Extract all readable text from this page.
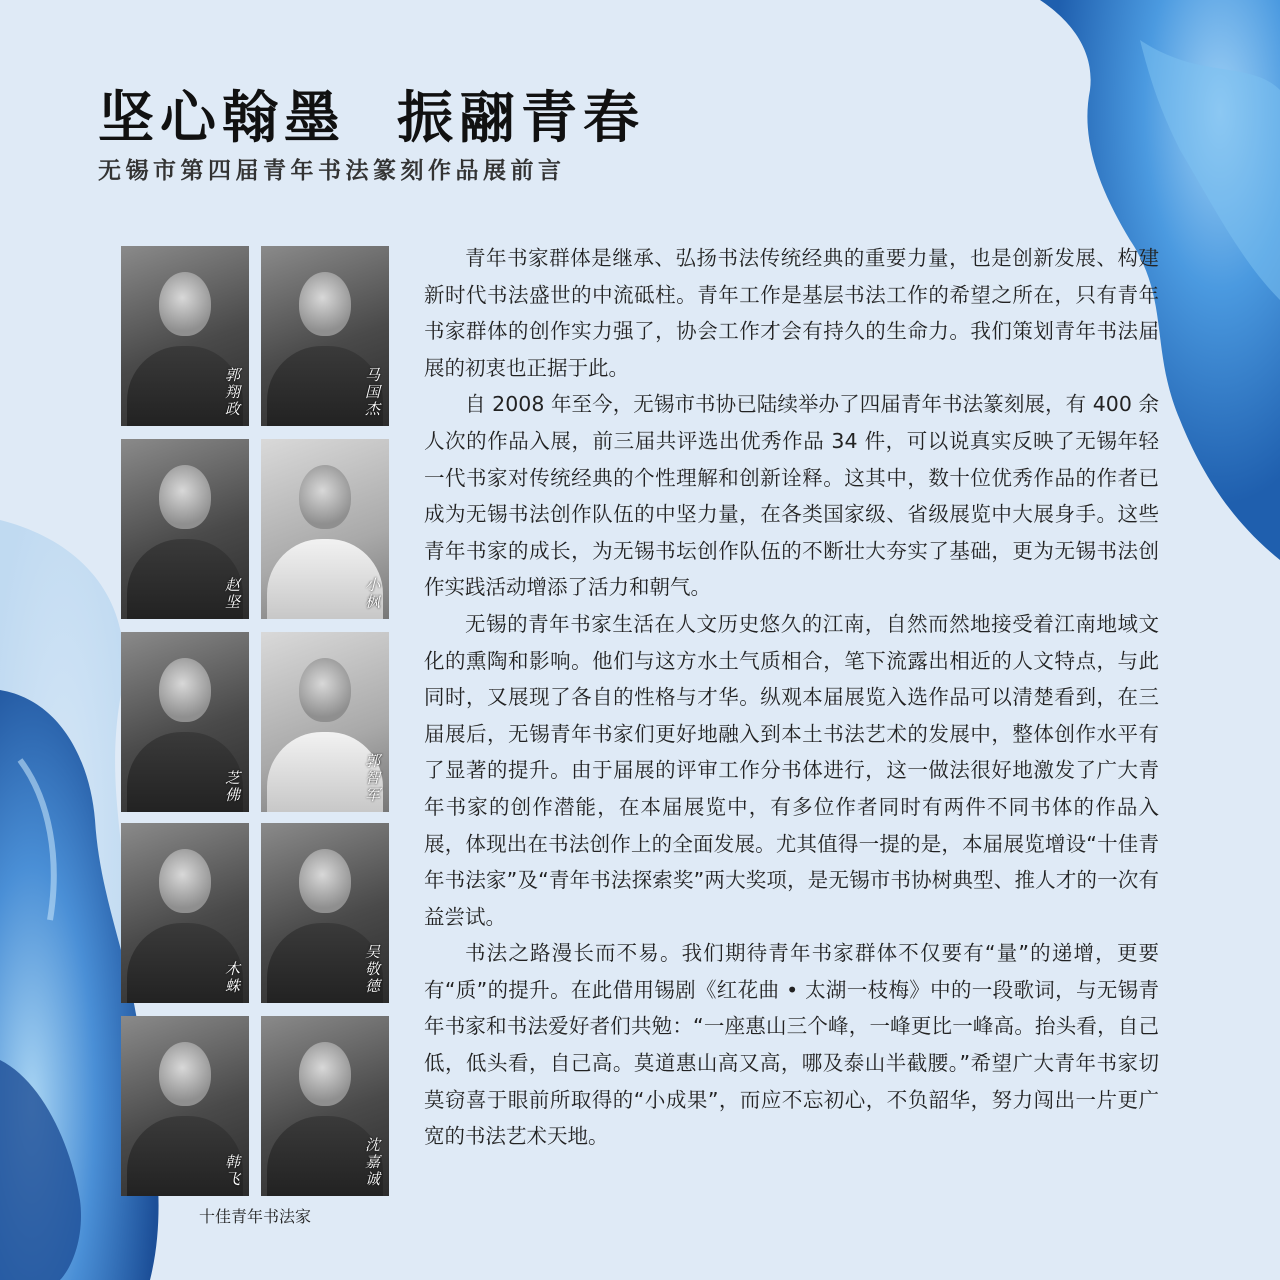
坚心翰墨  振翮青春
无锡市第四届青年书法篆刻作品展前言
郭翔政	马国杰
赵坚	小枫
芝佛	郭智军
木蛛	吴敬德
韩飞	沈嘉诚

十佳青年书法家

青年书家群体是继承、弘扬书法传统经典的重要力量，也是创新发展、构建新时代书法盛世的中流砥柱。青年工作是基层书法工作的希望之所在，只有青年书家群体的创作实力强了，协会工作才会有持久的生命力。我们策划青年书法届展的初衷也正据于此。

自 2008 年至今，无锡市书协已陆续举办了四届青年书法篆刻展，有 400 余人次的作品入展，前三届共评选出优秀作品 34 件，可以说真实反映了无锡年轻一代书家对传统经典的个性理解和创新诠释。这其中，数十位优秀作品的作者已成为无锡书法创作队伍的中坚力量，在各类国家级、省级展览中大展身手。这些青年书家的成长，为无锡书坛创作队伍的不断壮大夯实了基础，更为无锡书法创作实践活动增添了活力和朝气。

无锡的青年书家生活在人文历史悠久的江南，自然而然地接受着江南地域文化的熏陶和影响。他们与这方水土气质相合，笔下流露出相近的人文特点，与此同时，又展现了各自的性格与才华。纵观本届展览入选作品可以清楚看到，在三届展后，无锡青年书家们更好地融入到本土书法艺术的发展中，整体创作水平有了显著的提升。由于届展的评审工作分书体进行，这一做法很好地激发了广大青年书家的创作潜能，在本届展览中，有多位作者同时有两件不同书体的作品入展，体现出在书法创作上的全面发展。尤其值得一提的是，本届展览增设“十佳青年书法家”及“青年书法探索奖”两大奖项，是无锡市书协树典型、推人才的一次有益尝试。

书法之路漫长而不易。我们期待青年书家群体不仅要有“量”的递增，更要有“质”的提升。在此借用锡剧《红花曲 • 太湖一枝梅》中的一段歌词，与无锡青年书家和书法爱好者们共勉：“一座惠山三个峰，一峰更比一峰高。抬头看，自己低，低头看，自己高。莫道惠山高又高，哪及泰山半截腰。”希望广大青年书家切莫窃喜于眼前所取得的“小成果”，而应不忘初心，不负韶华，努力闯出一片更广宽的书法艺术天地。
